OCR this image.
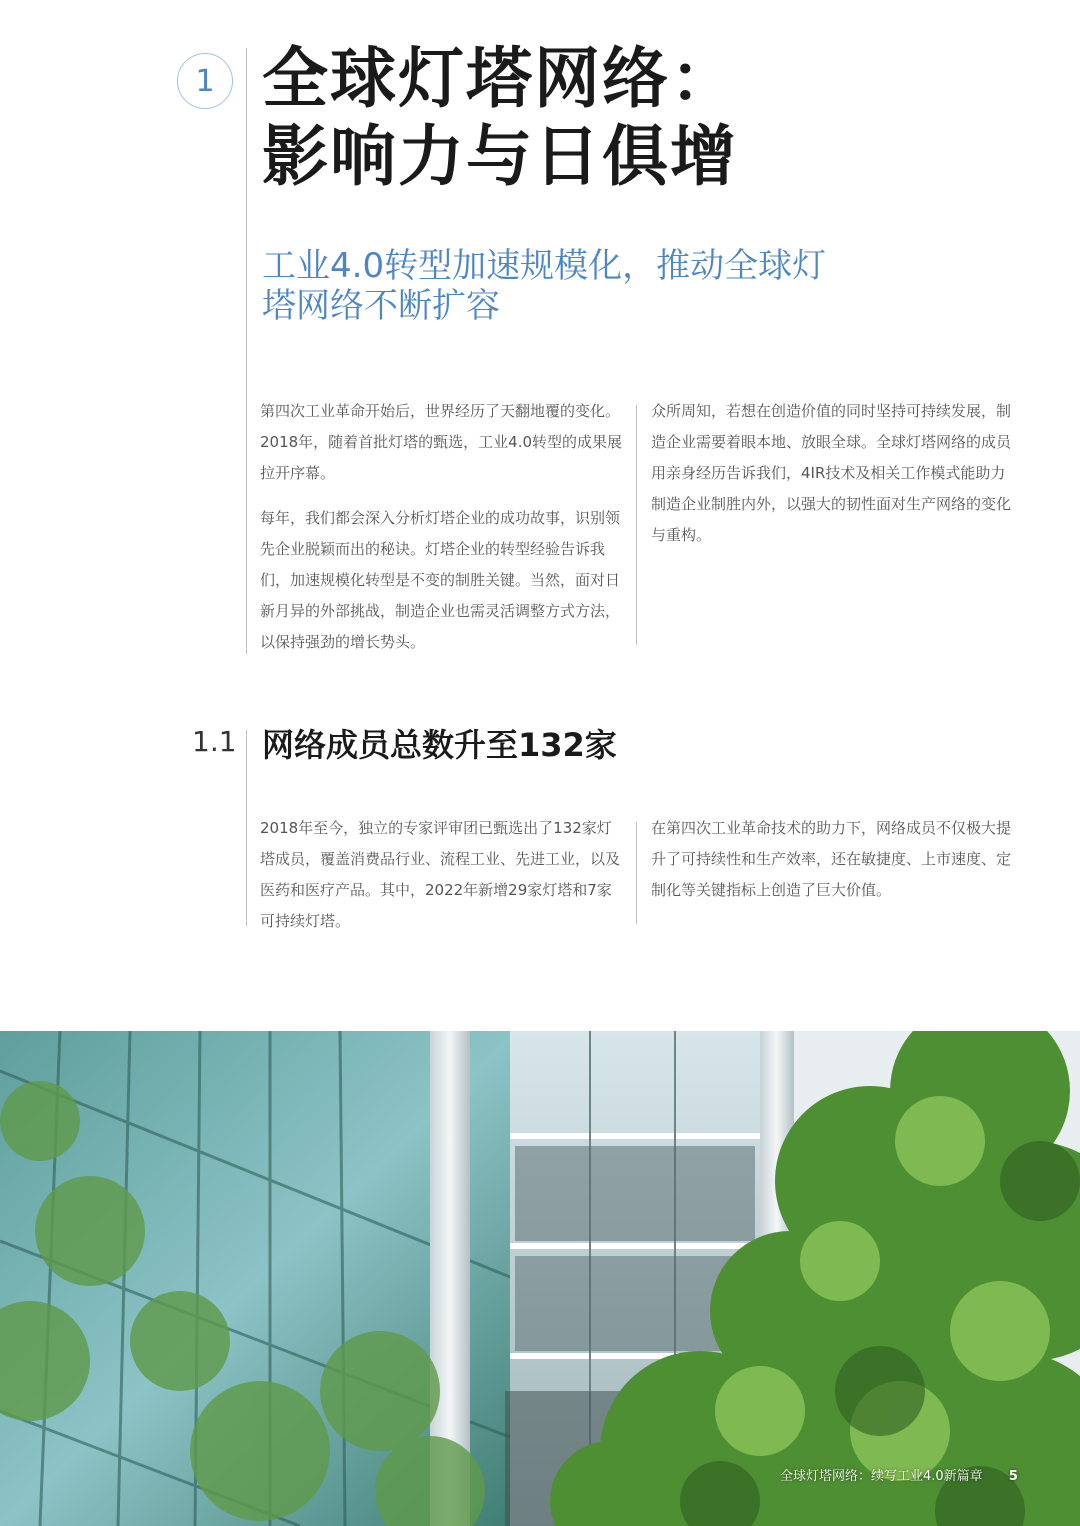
1 全球灯塔网络：
影响力与日俱增
工业4.0转型加速规模化，推动全球灯
塔网络不断扩容

第四次工业革命开始后，世界经历了天翻地覆的变化。2018年，随着首批灯塔的甄选，工业4.0转型的成果展拉开序幕。

每年，我们都会深入分析灯塔企业的成功故事，识别领先企业脱颖而出的秘诀。灯塔企业的转型经验告诉我们，加速规模化转型是不变的制胜关键。当然，面对日新月异的外部挑战，制造企业也需灵活调整方式方法，以保持强劲的增长势头。

众所周知，若想在创造价值的同时坚持可持续发展，制造企业需要着眼本地、放眼全球。全球灯塔网络的成员用亲身经历告诉我们，4IR技术及相关工作模式能助力制造企业制胜内外，以强大的韧性面对生产网络的变化与重构。

1.1 网络成员总数升至132家

2018年至今，独立的专家评审团已甄选出了132家灯塔成员，覆盖消费品行业、流程工业、先进工业，以及医药和医疗产品。其中，2022年新增29家灯塔和7家可持续灯塔。

在第四次工业革命技术的助力下，网络成员不仅极大提升了可持续性和生产效率，还在敏捷度、上市速度、定制化等关键指标上创造了巨大价值。

全球灯塔网络：续写工业4.0新篇章 5
